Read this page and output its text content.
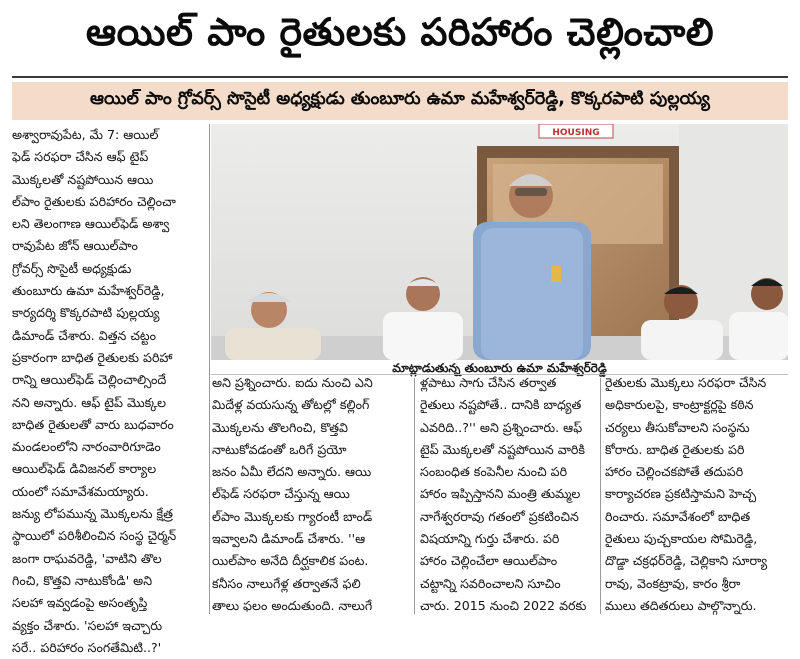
ఆయిల్ పాం రైతులకు పరిహారం చెల్లించాలి
ఆయిల్ పాం గ్రోవర్స్ సొసైటీ అధ్యక్షుడు తుంబూరు ఉమా మహేశ్వర్‌రెడ్డి, కొక్కరపాటి పుల్లయ్య
అశ్వారావుపేట, మే 7: ఆయిల్
ఫెడ్ సరఫరా చేసిన ఆఫ్ టైప్
మొక్కలతో నష్టపోయిన ఆయి
ల్‌పాం రైతులకు పరిహారం చెల్లించా
లని తెలంగాణ ఆయిల్‌ఫెడ్ అశ్వా
రావుపేట జోన్ ఆయిల్‌పాం
గ్రోవర్స్ సొసైటీ అధ్యక్షుడు
తుంబూరు ఉమా మహేశ్వర్‌రెడ్డి,
కార్యదర్శి కొక్కరపాటి పుల్లయ్య
డిమాండ్ చేశారు. విత్తన చట్టం
ప్రకారంగా బాధిత రైతులకు పరిహా
రాన్ని ఆయిల్‌ఫెడ్ చెల్లించాల్సిందే
నని అన్నారు. ఆఫ్ టైప్ మొక్కల
బాధిత రైతులతో వారు బుధవారం
మండలంలోని నారంవారిగూడెం
ఆయిల్‌ఫెడ్ డివిజనల్ కార్యాల
యంలో సమావేశమయ్యారు.
జన్యు లోపమున్న మొక్కలను క్షేత్ర
స్థాయిలో పరిశీలించిన సంస్థ చైర్మన్
జంగా రాఘవరెడ్డి, 'వాటిని తొల
గించి, కొత్తవి నాటుకోండి' అని
సలహా ఇవ్వడంపై అసంతృప్తి
వ్యక్తం చేశారు. 'సలహా ఇచ్చారు
సరే.. పరిహారం సంగతేమిటి..?'
HOUSING
మాట్లాడుతున్న తుంబూరు ఉమా మహేశ్వర్‌రెడ్డి
అని ప్రశ్నించారు. ఐదు నుంచి ఎని
మిదేళ్ల వయసున్న తోటల్లో కల్లింగ్
మొక్కలను తొలగించి, కొత్తవి
నాటుకోవడంతో ఒరిగే ప్రయో
జనం ఏమీ లేదని అన్నారు. ఆయి
ల్‌ఫెడ్ సరఫరా చేస్తున్న ఆయి
ల్‌పాం మొక్కలకు గ్యారంటీ బాండ్
ఇవ్వాలని డిమాండ్ చేశారు. ''ఆ
యిల్‌పాం అనేది దీర్ఘకాలిక పంట.
కనీసం నాలుగేళ్ల తర్వాతనే ఫలి
తాలు ఫలం అందుతుంది. నాలుగే
ళ్లపాటు సాగు చేసిన తర్వాత
రైతులు నష్టపోతే.. దానికి బాధ్యత
ఎవరిది..?'' అని ప్రశ్నించారు. ఆఫ్
టైప్ మొక్కలతో నష్టపోయిన వారికి
సంబంధిత కంపెనీల నుంచి పరి
హారం ఇప్పిస్తానని మంత్రి తుమ్మల
నాగేశ్వరరావు గతంలో ప్రకటించిన
విషయాన్ని గుర్తు చేశారు. పరి
హారం చెల్లించేలా ఆయిల్‌పాం
చట్టాన్ని సవరించాలని సూచిం
చారు. 2015 నుంచి 2022 వరకు
రైతులకు మొక్కలు సరఫరా చేసిన
అధికారులపై, కాంట్రాక్టర్లపై కఠిన
చర్యలు తీసుకోవాలని సంస్థను
కోరారు. బాధిత రైతులకు పరి
హారం చెల్లించకపోతే తదుపరి
కార్యాచరణ ప్రకటిస్తామని హెచ్చ
రించారు. సమావేశంలో బాధిత
రైతులు పుచ్చకాయల సోమిరెడ్డి,
దొడ్డా చక్రధర్‌రెడ్డి, చెల్లికాని సూర్యా
రావు, వెంకట్రావు, కారం శ్రీరా
ములు తదితరులు పాల్గొన్నారు.
